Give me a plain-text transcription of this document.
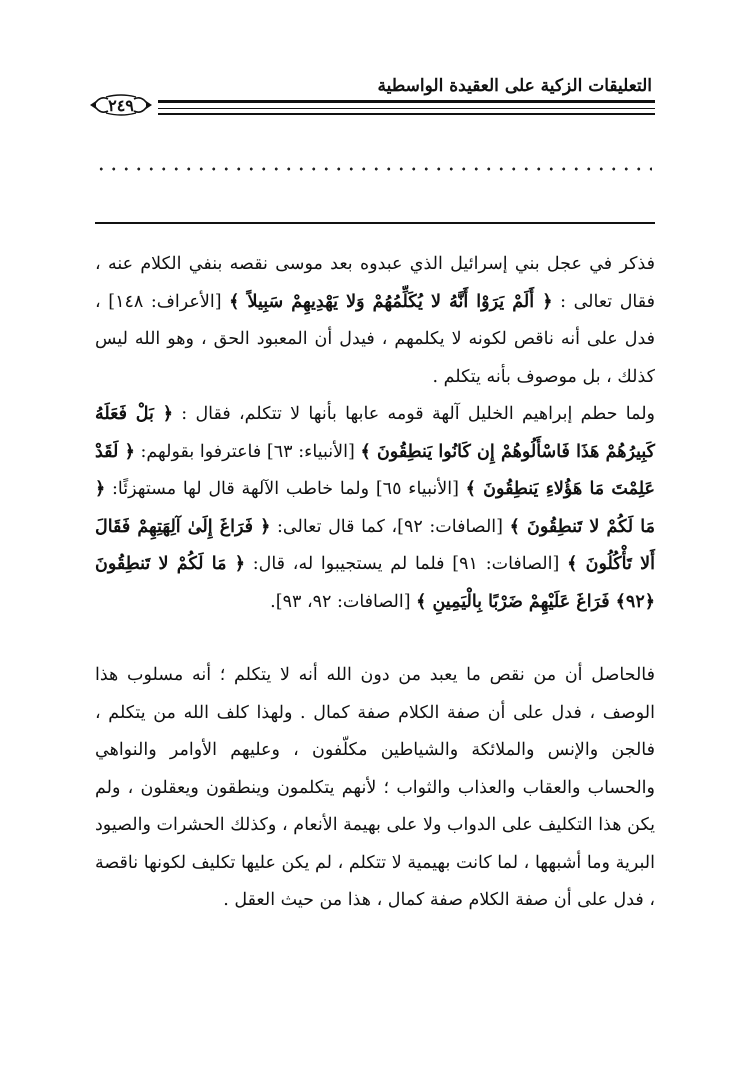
التعليقات الزكية على العقيدة الواسطية
٢٤٩

فذكر في عجل بني إسرائيل الذي عبدوه بعد موسى نقصه بنفي الكلام عنه ، فقال تعالى : ﴿ أَلَمْ يَرَوْا أَنَّهُ لا يُكَلِّمُهُمْ وَلا يَهْدِيهِمْ سَبِيلاً ﴾ [الأعراف: ١٤٨] ، فدل على أنه ناقص لكونه لا يكلمهم ، فيدل أن المعبود الحق ، وهو الله ليس كذلك ، بل موصوف بأنه يتكلم .

ولما حطم إبراهيم الخليل آلهة قومه عابها بأنها لا تتكلم، فقال : ﴿ بَلْ فَعَلَهُ كَبِيرُهُمْ هَذَا فَاسْأَلُوهُمْ إِن كَانُوا يَنطِقُونَ ﴾ [الأنبياء: ٦٣] فاعترفوا بقولهم: ﴿ لَقَدْ عَلِمْتَ مَا هَؤُلاءِ يَنطِقُونَ ﴾ [الأنبياء ٦٥] ولما خاطب الآلهة قال لها مستهزئًا: ﴿ مَا لَكُمْ لا تَنطِقُونَ ﴾ [الصافات: ٩٢]، كما قال تعالى: ﴿ فَرَاغَ إِلَىٰ آلِهَتِهِمْ فَقَالَ أَلا تَأْكُلُونَ ﴾ [الصافات: ٩١] فلما لم يستجيبوا له، قال: ﴿ مَا لَكُمْ لا تَنطِقُونَ ﴿٩٢﴾ فَرَاغَ عَلَيْهِمْ ضَرْبًا بِالْيَمِينِ ﴾ [الصافات: ٩٢، ٩٣].

فالحاصل أن من نقص ما يعبد من دون الله أنه لا يتكلم ؛ أنه مسلوب هذا الوصف ، فدل على أن صفة الكلام صفة كمال . ولهذا كلف الله من يتكلم ، فالجن والإنس والملائكة والشياطين مكلّفون ، وعليهم الأوامر والنواهي والحساب والعقاب والعذاب والثواب ؛ لأنهم يتكلمون وينطقون ويعقلون ، ولم يكن هذا التكليف على الدواب ولا على بهيمة الأنعام ، وكذلك الحشرات والصيود البرية وما أشبهها ، لما كانت بهيمية لا تتكلم ، لم يكن عليها تكليف لكونها ناقصة ، فدل على أن صفة الكلام صفة كمال ، هذا من حيث العقل .
